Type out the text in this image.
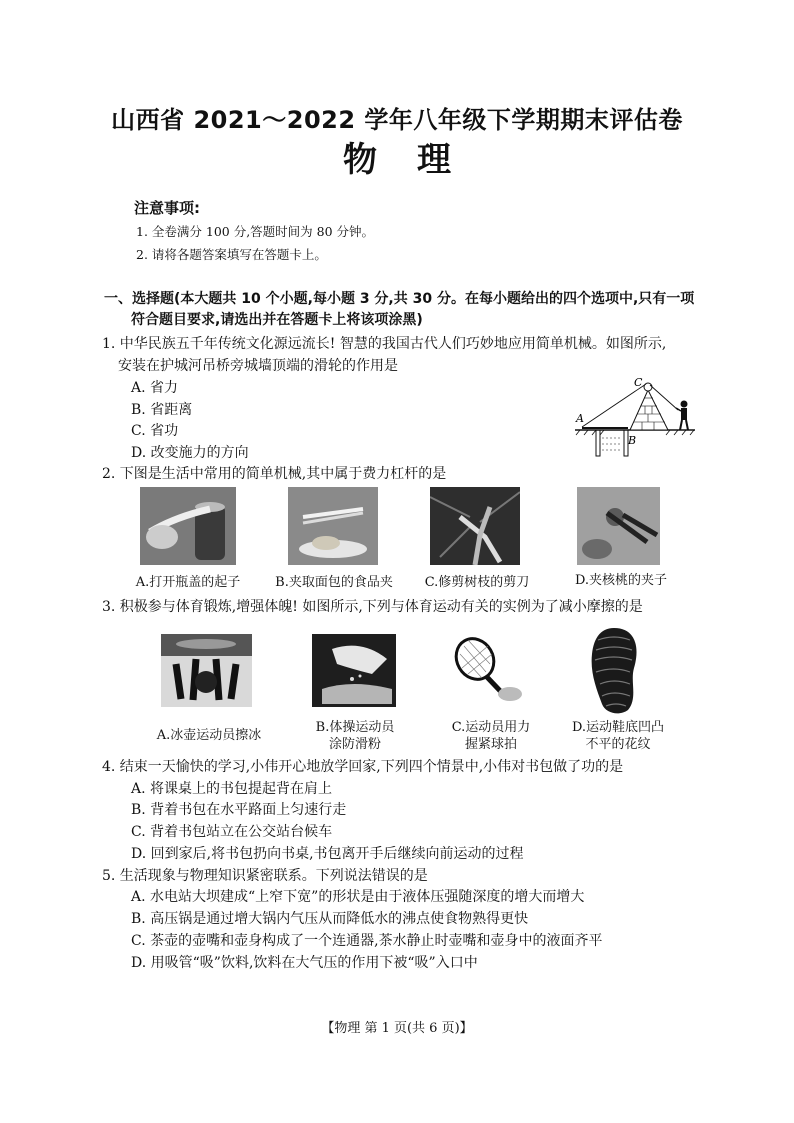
山西省 2021～2022 学年八年级下学期期末评估卷
物理
注意事项:
1. 全卷满分 100 分,答题时间为 80 分钟。
2. 请将各题答案填写在答题卡上。
一、选择题(本大题共 10 个小题,每小题 3 分,共 30 分。在每小题给出的四个选项中,只有一项
符合题目要求,请选出并在答题卡上将该项涂黑)
1. 中华民族五千年传统文化源远流长! 智慧的我国古代人们巧妙地应用简单机械。如图所示,
安装在护城河吊桥旁城墙顶端的滑轮的作用是
A. 省力
B. 省距离
C. 省功
D. 改变施力的方向
A
B
C
2. 下图是生活中常用的简单机械,其中属于费力杠杆的是
A.打开瓶盖的起子	B.夹取面包的食品夹	C.修剪树枝的剪刀	D.夹核桃的夹子
3. 积极参与体育锻炼,增强体魄! 如图所示,下列与体育运动有关的实例为了减小摩擦的是
A.冰壶运动员擦冰
B.体操运动员
涂防滑粉
C.运动员用力
握紧球拍
D.运动鞋底凹凸
不平的花纹
4. 结束一天愉快的学习,小伟开心地放学回家,下列四个情景中,小伟对书包做了功的是
A. 将课桌上的书包提起背在肩上
B. 背着书包在水平路面上匀速行走
C. 背着书包站立在公交站台候车
D. 回到家后,将书包扔向书桌,书包离开手后继续向前运动的过程
5. 生活现象与物理知识紧密联系。下列说法错误的是
A. 水电站大坝建成“上窄下宽”的形状是由于液体压强随深度的增大而增大
B. 高压锅是通过增大锅内气压从而降低水的沸点使食物熟得更快
C. 茶壶的壶嘴和壶身构成了一个连通器,茶水静止时壶嘴和壶身中的液面齐平
D. 用吸管“吸”饮料,饮料在大气压的作用下被“吸”入口中
【物理 第 1 页(共 6 页)】
